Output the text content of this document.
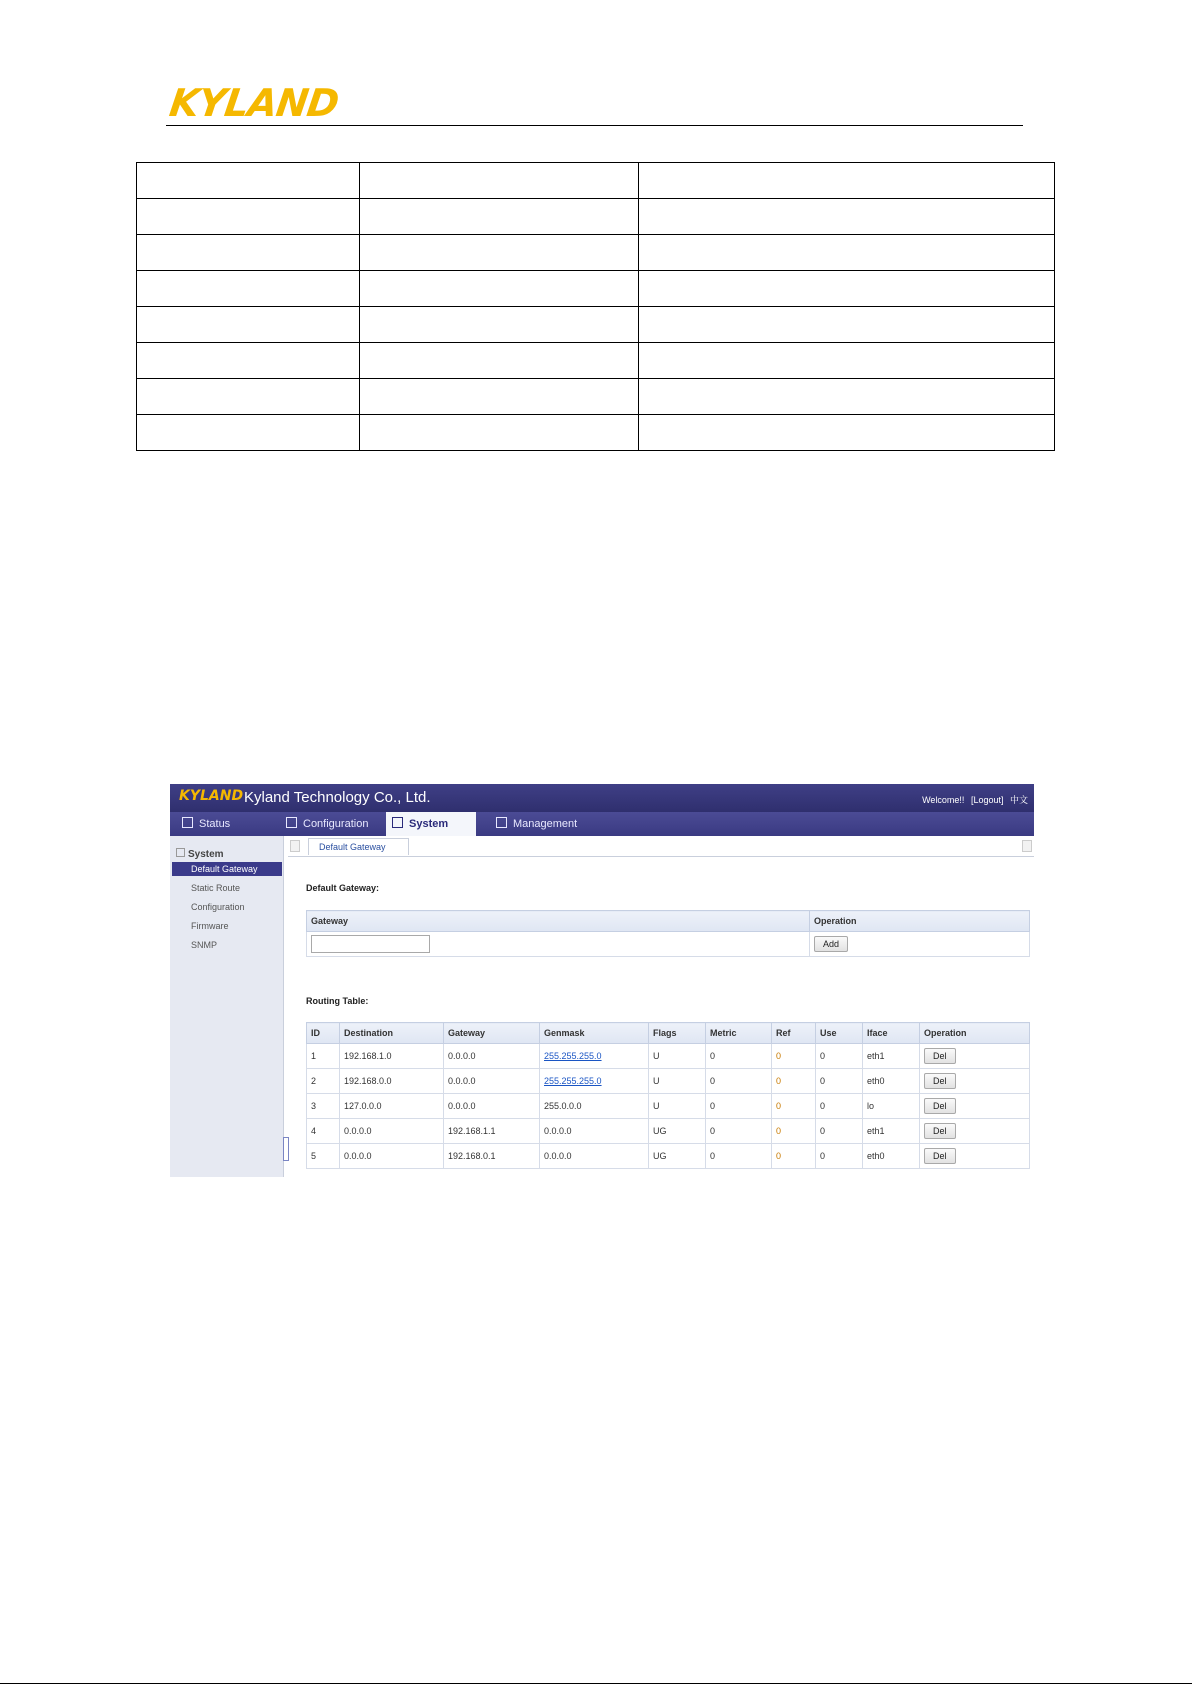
KYLAND

KYLAND Kyland Technology Co., Ltd.	Welcome!! [Logout] 中文
Status	Configuration	System	Management
System
Default Gateway
Static Route
Configuration
Firmware
SNMP
Default Gateway
Default Gateway:
Gateway	Operation
	Add
Routing Table:
ID	Destination	Gateway	Genmask	Flags	Metric	Ref	Use	Iface	Operation
1	192.168.1.0	0.0.0.0	255.255.255.0	U	0	0	0	eth1	Del
2	192.168.0.0	0.0.0.0	255.255.255.0	U	0	0	0	eth0	Del
3	127.0.0.0	0.0.0.0	255.0.0.0	U	0	0	0	lo	Del
4	0.0.0.0	192.168.1.1	0.0.0.0	UG	0	0	0	eth1	Del
5	0.0.0.0	192.168.0.1	0.0.0.0	UG	0	0	0	eth0	Del
